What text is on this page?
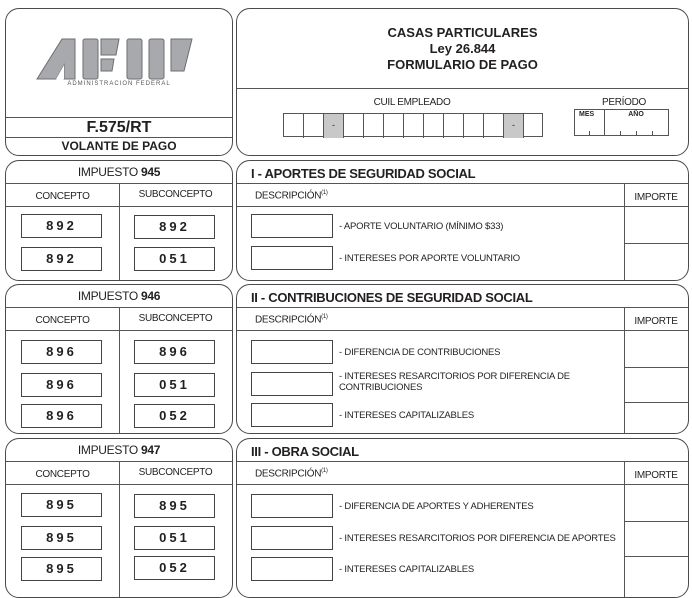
ADMINISTRACION FEDERAL
F.575/RT
VOLANTE DE PAGO
CASAS PARTICULARES
Ley 26.844
FORMULARIO DE PAGO
CUIL EMPLEADO
-	-
PERÍODO
MES	AÑO
IMPUESTO 945
CONCEPTO	SUBCONCEPTO
892	892
892	051
I - APORTES DE SEGURIDAD SOCIAL
DESCRIPCIÓN$^{(1)}$	IMPORTE
- APORTE VOLUNTARIO (MÍNIMO $33)
- INTERESES POR APORTE VOLUNTARIO
IMPUESTO 946
CONCEPTO	SUBCONCEPTO
896	896
896	051
896	052
II - CONTRIBUCIONES DE SEGURIDAD SOCIAL
DESCRIPCIÓN$^{(1)}$	IMPORTE
- DIFERENCIA DE CONTRIBUCIONES
- INTERESES RESARCITORIOS POR DIFERENCIA DE CONTRIBUCIONES
- INTERESES CAPITALIZABLES
IMPUESTO 947
CONCEPTO	SUBCONCEPTO
895	895
895	051
895	052
III - OBRA SOCIAL
DESCRIPCIÓN$^{(1)}$	IMPORTE
- DIFERENCIA DE APORTES Y ADHERENTES
- INTERESES RESARCITORIOS POR DIFERENCIA DE APORTES
- INTERESES CAPITALIZABLES
